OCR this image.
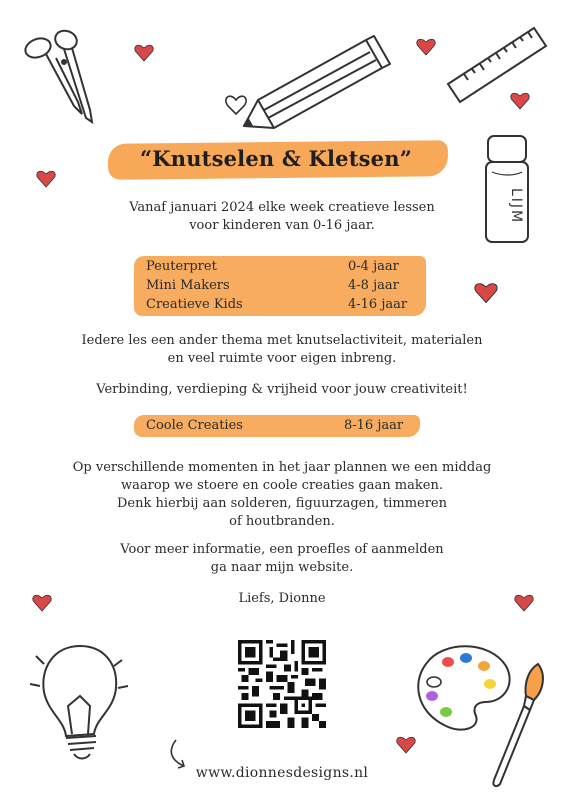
LIJM
“Knutselen & Kletsen”
Vanaf januari 2024 elke week creatieve lessen
voor kinderen van 0-16 jaar.
Peuterpret	0-4 jaar
Mini Makers	4-8 jaar
Creatieve Kids	4-16 jaar
Iedere les een ander thema met knutselactiviteit, materialen
en veel ruimte voor eigen inbreng.
Verbinding, verdieping & vrijheid voor jouw creativiteit!
Coole Creaties	8-16 jaar
Op verschillende momenten in het jaar plannen we een middag
waarop we stoere en coole creaties gaan maken.
Denk hierbij aan solderen, figuurzagen, timmeren
of houtbranden.
Voor meer informatie, een proefles of aanmelden
ga naar mijn website.
Liefs, Dionne
www.dionnesdesigns.nl
